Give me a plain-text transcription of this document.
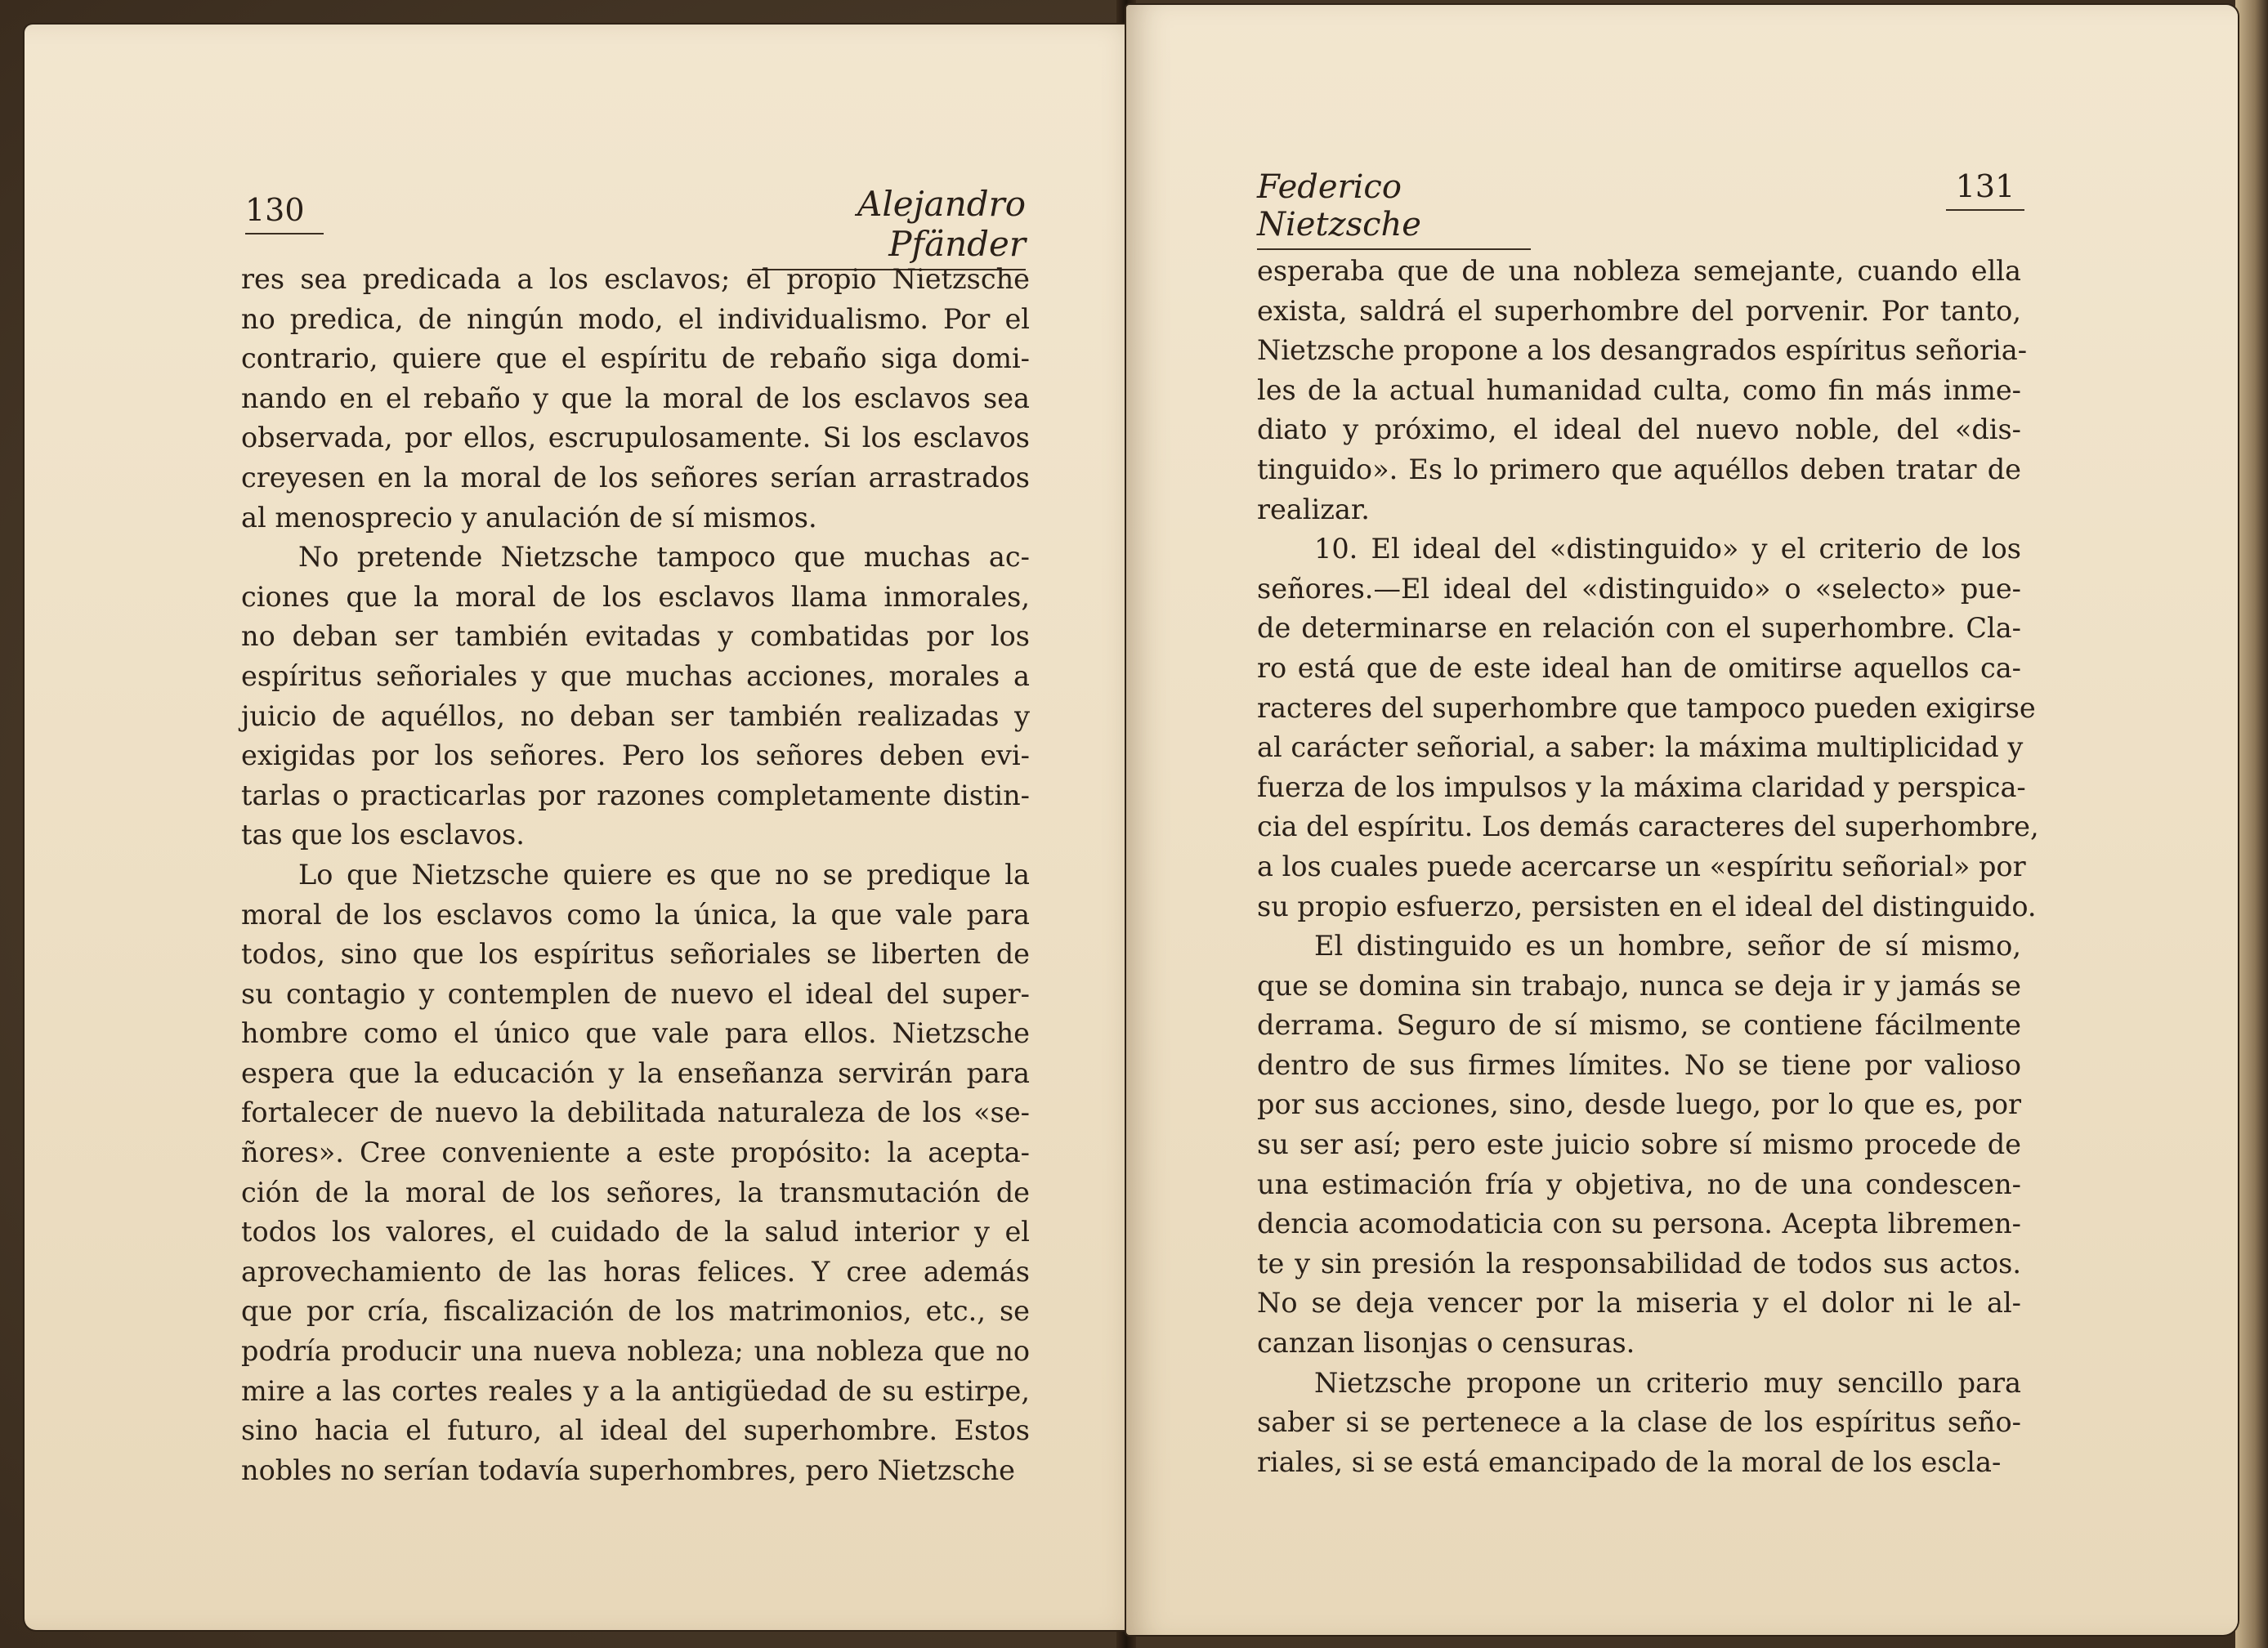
130	Alejandro Pfänder
res sea predicada a los esclavos; el propio Nietzsche
no predica, de ningún modo, el individualismo. Por el
contrario, quiere que el espíritu de rebaño siga domi-
nando en el rebaño y que la moral de los esclavos sea
observada, por ellos, escrupulosamente. Si los esclavos
creyesen en la moral de los señores serían arrastrados
al menosprecio y anulación de sí mismos.
No pretende Nietzsche tampoco que muchas ac-
ciones que la moral de los esclavos llama inmorales,
no deban ser también evitadas y combatidas por los
espíritus señoriales y que muchas acciones, morales a
juicio de aquéllos, no deban ser también realizadas y
exigidas por los señores. Pero los señores deben evi-
tarlas o practicarlas por razones completamente distin-
tas que los esclavos.
Lo que Nietzsche quiere es que no se predique la
moral de los esclavos como la única, la que vale para
todos, sino que los espíritus señoriales se liberten de
su contagio y contemplen de nuevo el ideal del super-
hombre como el único que vale para ellos. Nietzsche
espera que la educación y la enseñanza servirán para
fortalecer de nuevo la debilitada naturaleza de los «se-
ñores». Cree conveniente a este propósito: la acepta-
ción de la moral de los señores, la transmutación de
todos los valores, el cuidado de la salud interior y el
aprovechamiento de las horas felices. Y cree además
que por cría, fiscalización de los matrimonios, etc., se
podría producir una nueva nobleza; una nobleza que no
mire a las cortes reales y a la antigüedad de su estirpe,
sino hacia el futuro, al ideal del superhombre. Estos
nobles no serían todavía superhombres, pero Nietzsche
Federico Nietzsche
131
esperaba que de una nobleza semejante, cuando ella
exista, saldrá el superhombre del porvenir. Por tanto,
Nietzsche propone a los desangrados espíritus señoria-
les de la actual humanidad culta, como fin más inme-
diato y próximo, el ideal del nuevo noble, del «dis-
tinguido». Es lo primero que aquéllos deben tratar de
realizar.
10. El ideal del «distinguido» y el criterio de los
señores.—El ideal del «distinguido» o «selecto» pue-
de determinarse en relación con el superhombre. Cla-
ro está que de este ideal han de omitirse aquellos ca-
racteres del superhombre que tampoco pueden exigirse
al carácter señorial, a saber: la máxima multiplicidad y
fuerza de los impulsos y la máxima claridad y perspica-
cia del espíritu. Los demás caracteres del superhombre,
a los cuales puede acercarse un «espíritu señorial» por
su propio esfuerzo, persisten en el ideal del distinguido.
El distinguido es un hombre, señor de sí mismo,
que se domina sin trabajo, nunca se deja ir y jamás se
derrama. Seguro de sí mismo, se contiene fácilmente
dentro de sus firmes límites. No se tiene por valioso
por sus acciones, sino, desde luego, por lo que es, por
su ser así; pero este juicio sobre sí mismo procede de
una estimación fría y objetiva, no de una condescen-
dencia acomodaticia con su persona. Acepta libremen-
te y sin presión la responsabilidad de todos sus actos.
No se deja vencer por la miseria y el dolor ni le al-
canzan lisonjas o censuras.
Nietzsche propone un criterio muy sencillo para
saber si se pertenece a la clase de los espíritus seño-
riales, si se está emancipado de la moral de los escla-
